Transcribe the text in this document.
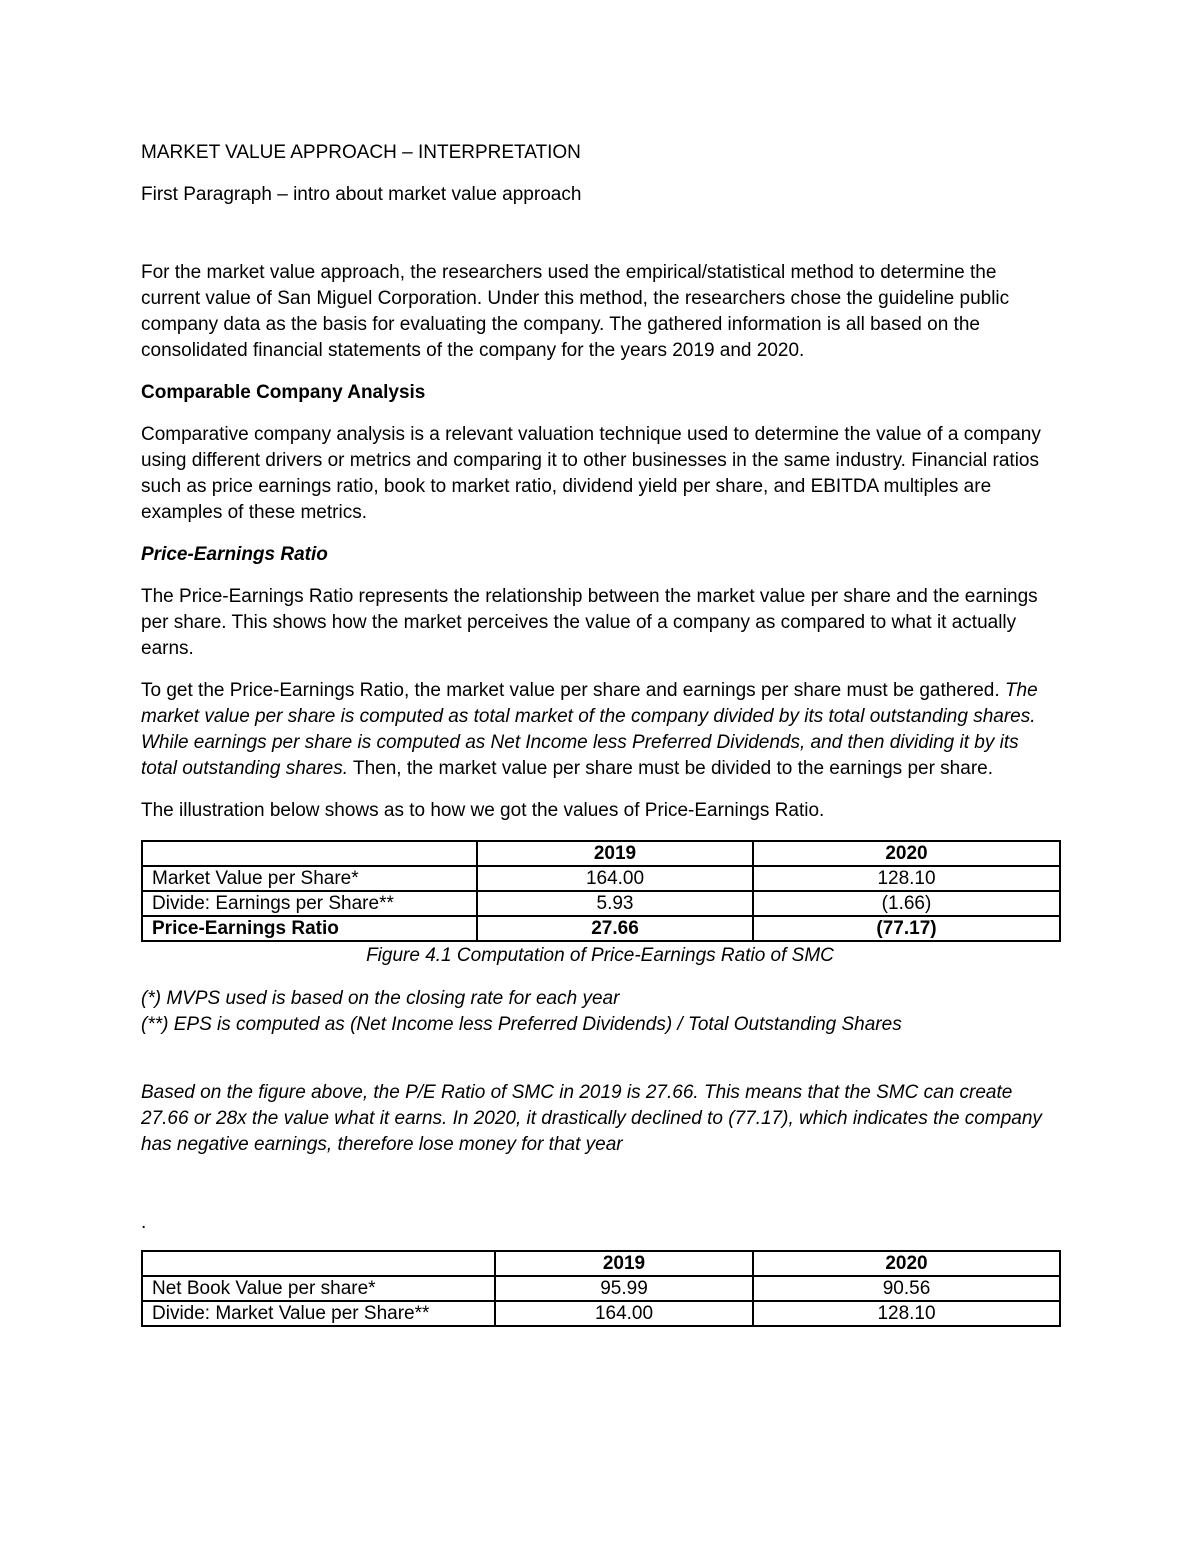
MARKET VALUE APPROACH – INTERPRETATION

First Paragraph – intro about market value approach

For the market value approach, the researchers used the empirical/statistical method to determine the current value of San Miguel Corporation. Under this method, the researchers chose the guideline public company data as the basis for evaluating the company. The gathered information is all based on the consolidated financial statements of the company for the years 2019 and 2020.

Comparable Company Analysis

Comparative company analysis is a relevant valuation technique used to determine the value of a company using different drivers or metrics and comparing it to other businesses in the same industry. Financial ratios such as price earnings ratio, book to market ratio, dividend yield per share, and EBITDA multiples are examples of these metrics.

Price-Earnings Ratio

The Price-Earnings Ratio represents the relationship between the market value per share and the earnings per share. This shows how the market perceives the value of a company as compared to what it actually earns.

To get the Price-Earnings Ratio, the market value per share and earnings per share must be gathered. The market value per share is computed as total market of the company divided by its total outstanding shares. While earnings per share is computed as Net Income less Preferred Dividends, and then dividing it by its total outstanding shares. Then, the market value per share must be divided to the earnings per share.

The illustration below shows as to how we got the values of Price-Earnings Ratio.

	2019	2020
Market Value per Share*	164.00	128.10
Divide: Earnings per Share**	5.93	(1.66)
Price-Earnings Ratio	27.66	(77.17)

Figure 4.1 Computation of Price-Earnings Ratio of SMC

(*) MVPS used is based on the closing rate for each year
(**) EPS is computed as (Net Income less Preferred Dividends) / Total Outstanding Shares

Based on the figure above, the P/E Ratio of SMC in 2019 is 27.66. This means that the SMC can create 27.66 or 28x the value what it earns. In 2020, it drastically declined to (77.17), which indicates the company has negative earnings, therefore lose money for that year

.

	2019	2020
Net Book Value per share*	95.99	90.56
Divide: Market Value per Share**	164.00	128.10
